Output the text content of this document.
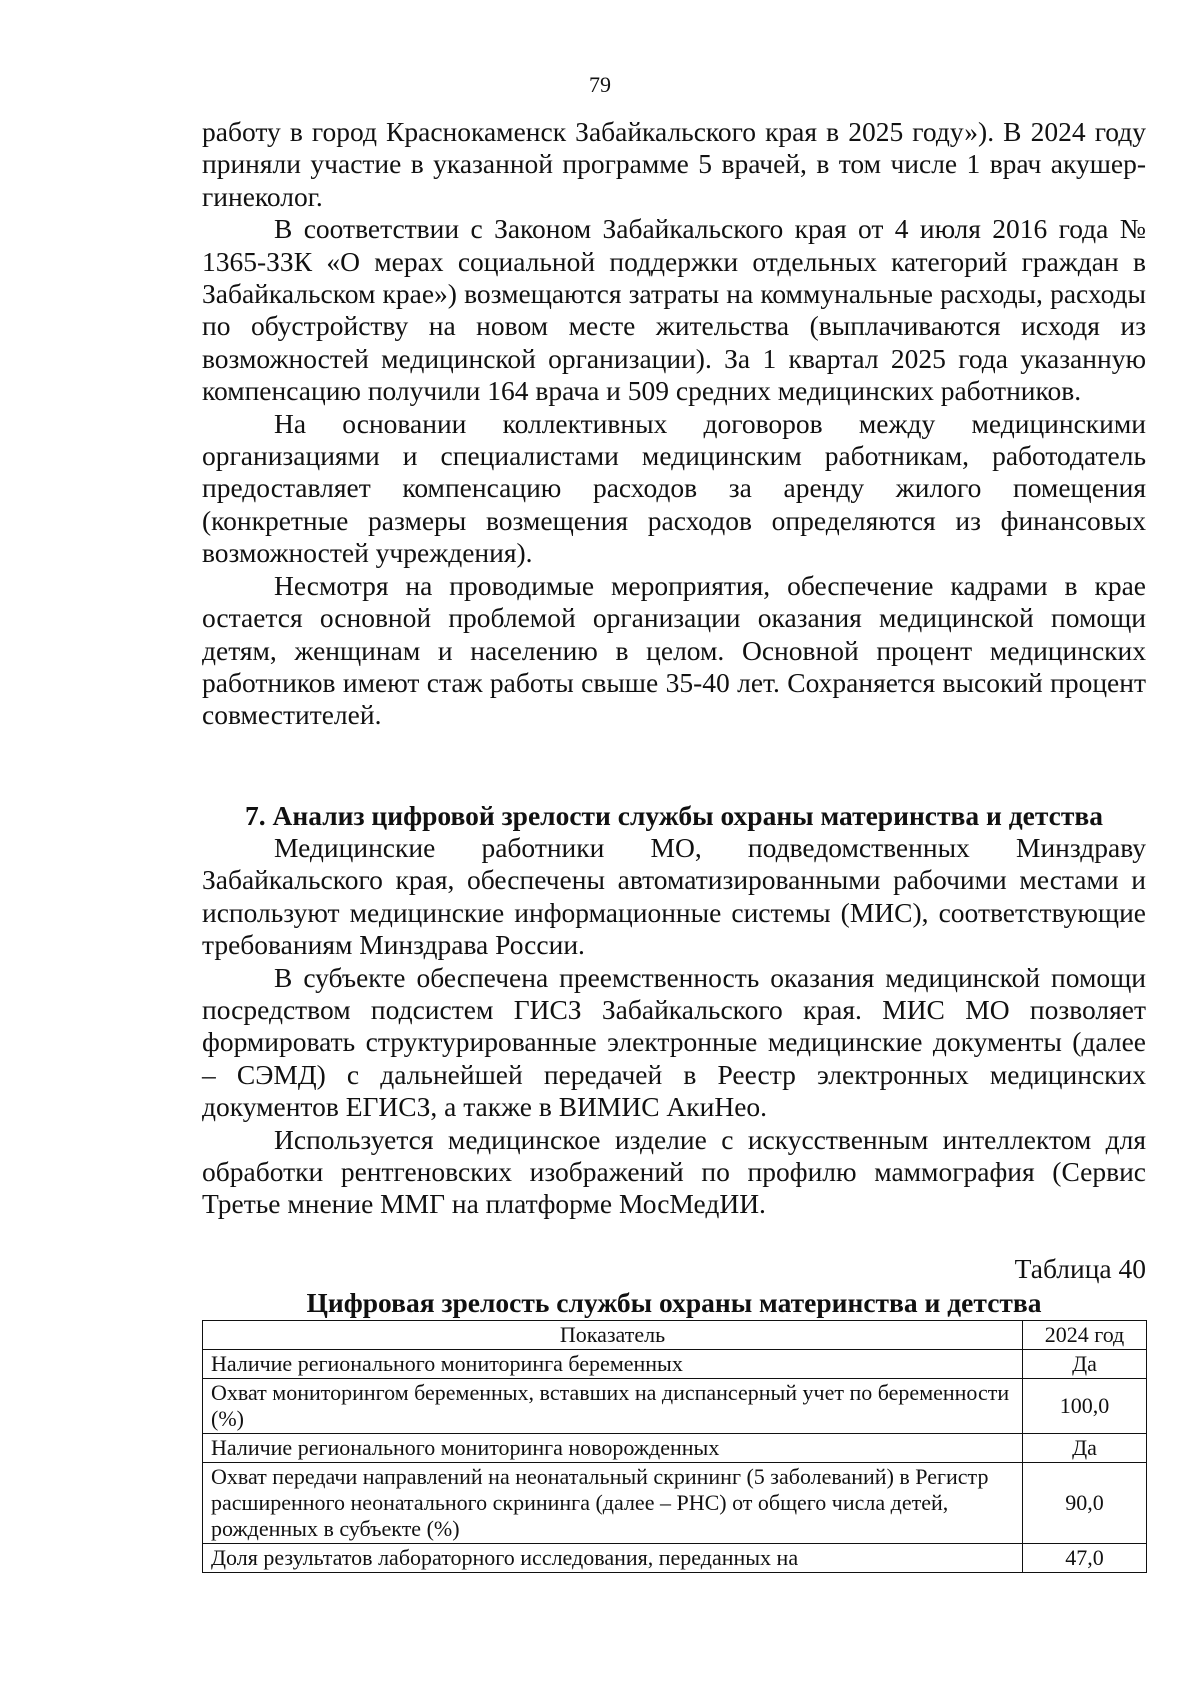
79

работу в город Краснокаменск Забайкальского края в 2025 году»). В 2024 году приняли участие в указанной программе 5 врачей, в том числе 1 врач акушер-гинеколог.

В соответствии с Законом Забайкальского края от 4 июля 2016 года № 1365-ЗЗК «О мерах социальной поддержки отдельных категорий граждан в Забайкальском крае») возмещаются затраты на коммунальные расходы, расходы по обустройству на новом месте жительства (выплачиваются исходя из возможностей медицинской организации). За 1 квартал 2025 года указанную компенсацию получили 164 врача и 509 средних медицинских работников.

На основании коллективных договоров между медицинскими организациями и специалистами медицинским работникам, работодатель предоставляет компенсацию расходов за аренду жилого помещения (конкретные размеры возмещения расходов определяются из финансовых возможностей учреждения).

Несмотря на проводимые мероприятия, обеспечение кадрами в крае остается основной проблемой организации оказания медицинской помощи детям, женщинам и населению в целом. Основной процент медицинских работников имеют стаж работы свыше 35-40 лет. Сохраняется высокий процент совместителей.

7. Анализ цифровой зрелости службы охраны материнства и детства

Медицинские работники МО, подведомственных Минздраву Забайкальского края, обеспечены автоматизированными рабочими местами и используют медицинские информационные системы (МИС), соответствующие требованиям Минздрава России.

В субъекте обеспечена преемственность оказания медицинской помощи посредством подсистем ГИСЗ Забайкальского края. МИС МО позволяет формировать структурированные электронные медицинские документы (далее – СЭМД) с дальнейшей передачей в Реестр электронных медицинских документов ЕГИСЗ, а также в ВИМИС АкиНео.

Используется медицинское изделие с искусственным интеллектом для обработки рентгеновских изображений по профилю маммография (Сервис Третье мнение ММГ на платформе МосМедИИ.

Таблица 40
Цифровая зрелость службы охраны материнства и детства
Показатель	2024 год
Наличие регионального мониторинга беременных	Да
Охват мониторингом беременных, вставших на диспансерный учет по беременности (%)	100,0
Наличие регионального мониторинга новорожденных	Да
Охват передачи направлений на неонатальный скрининг (5 заболеваний) в Регистр расширенного неонатального скрининга (далее – РНС) от общего числа детей, рожденных в субъекте (%)	90,0
Доля результатов лабораторного исследования, переданных на	47,0
